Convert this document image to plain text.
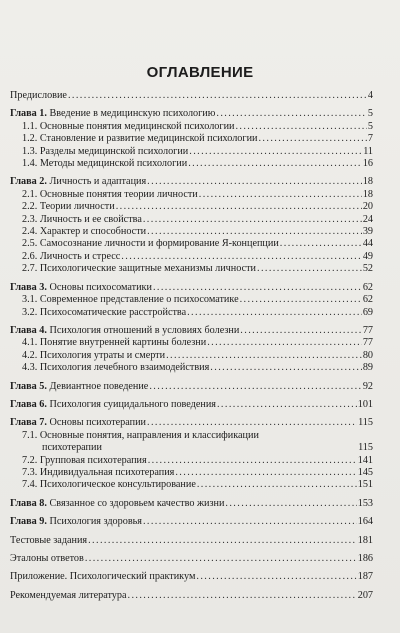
ОГЛАВЛЕНИЕ
Предисловие .....	4
Глава 1. Введение в медицинскую психологию .....	5
1.1. Основные понятия медицинской психологии .....	5
1.2. Становление и развитие медицинской психологии .....	7
1.3. Разделы медицинской психологии .....	11
1.4. Методы медицинской психологии .....	16
Глава 2. Личность и адаптация .....	18
2.1. Основные понятия теории личности .....	18
2.2. Теории личности .....	20
2.3. Личность и ее свойства .....	24
2.4. Характер и способности .....	39
2.5. Самосознание личности и формирование Я-концепции .....	44
2.6. Личность и стресс .....	49
2.7. Психологические защитные механизмы личности .....	52
Глава 3. Основы психосоматики .....	62
3.1. Современное представление о психосоматике .....	62
3.2. Психосоматические расстройства .....	69
Глава 4. Психология отношений в условиях болезни .....	77
4.1. Понятие внутренней картины болезни .....	77
4.2. Психология утраты и смерти .....	80
4.3. Психология лечебного взаимодействия .....	89
Глава 5. Девиантное поведение .....	92
Глава 6. Психология суицидального поведения .....	101
Глава 7. Основы психотерапии .....	115
7.1. Основные понятия, направления и классификации
психотерапии	115
7.2. Групповая психотерапия .....	141
7.3. Индивидуальная психотерапия .....	145
7.4. Психологическое консультирование .....	151
Глава 8. Связанное со здоровьем качество жизни .....	153
Глава 9. Психология здоровья .....	164
Тестовые задания .....	181
Эталоны ответов .....	186
Приложение. Психологический практикум .....	187
Рекомендуемая литература .....	207
